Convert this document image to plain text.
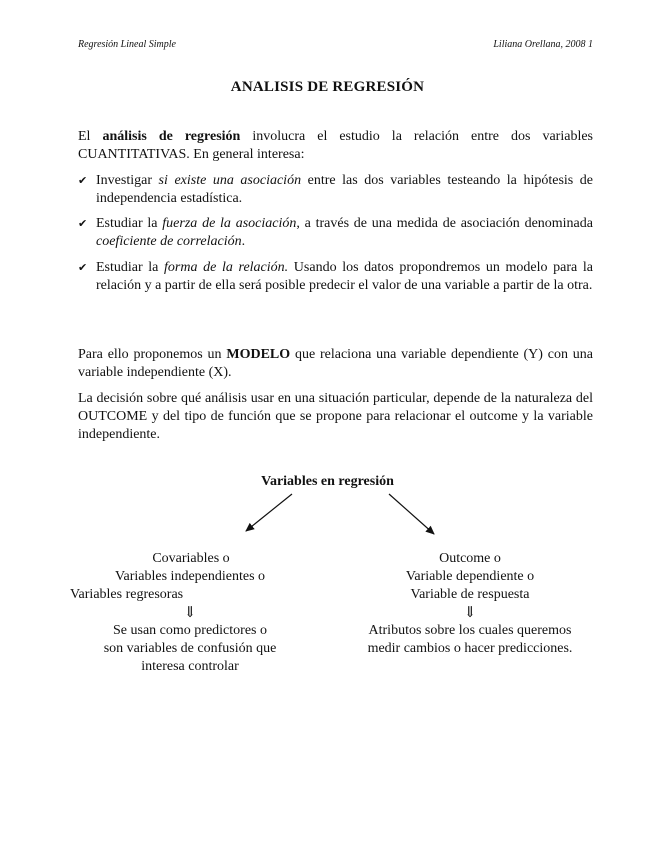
Regresión Lineal Simple	Liliana Orellana, 2008 1
ANALISIS DE REGRESIÓN
El análisis de regresión involucra el estudio la relación entre dos variables CUANTITATIVAS. En general interesa:
✔ Investigar si existe una asociación entre las dos variables testeando la hipótesis de independencia estadística.
✔ Estudiar la fuerza de la asociación, a través de una medida de asociación denominada coeficiente de correlación.
✔ Estudiar la forma de la relación. Usando los datos propondremos un modelo para la relación y a partir de ella será posible predecir el valor de una variable a partir de la otra.
Para ello proponemos un MODELO que relaciona una variable dependiente (Y) con una variable independiente (X).
La decisión sobre qué análisis usar en una situación particular, depende de la naturaleza del OUTCOME y del tipo de función que se propone para relacionar el outcome y la variable independiente.
Variables en regresión
Covariables o
Variables independientes o
Variables regresoras
⇓
Se usan como predictores o
son variables de confusión que
interesa controlar
Outcome o
Variable dependiente o
Variable de respuesta
⇓
Atributos sobre los cuales queremos
medir cambios o hacer predicciones.
